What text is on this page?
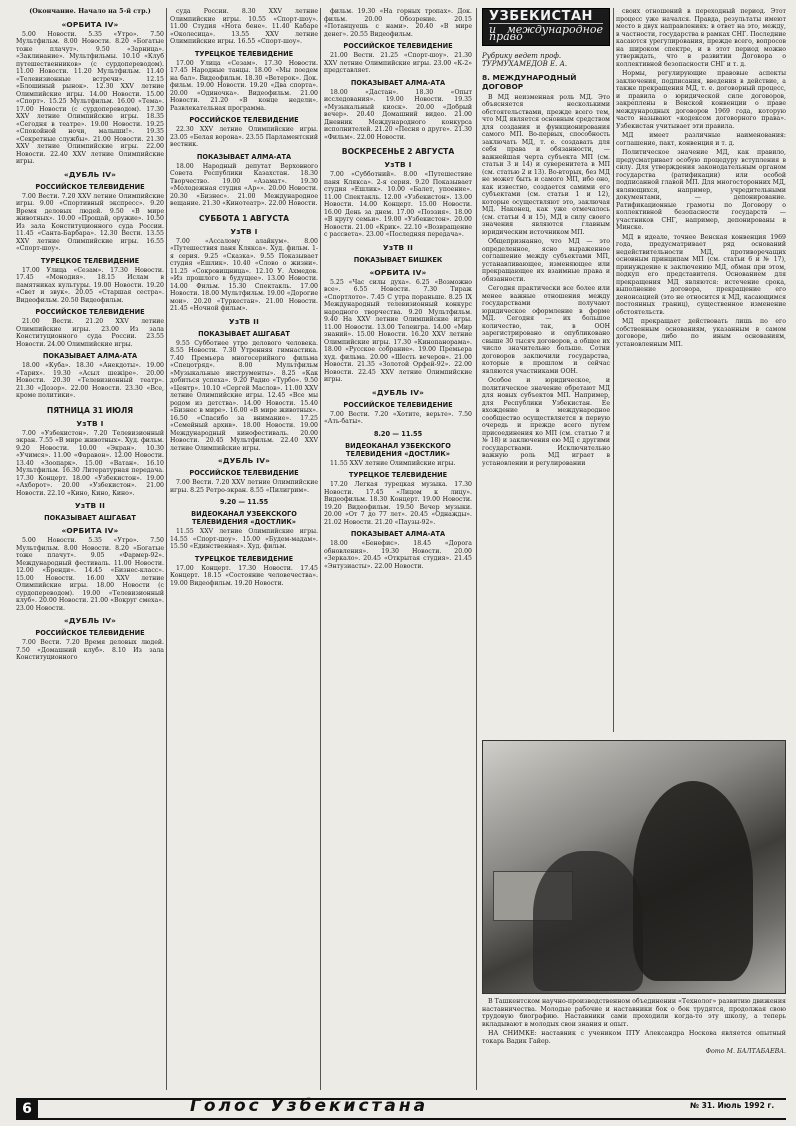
(Окончание. Начало на 5-й стр.)
«ОРБИТА IV»
5.00 Новости. 5.35 «Утро». 7.50 Мультфильм. 8.00 Новости. 8.20 «Богатые тоже плачут». 9.50 «Зарница». «Заклинание». Мультфильмы. 10.10 «Клуб путешественников» (с сурдопереводом). 11.00 Новости. 11.20 Мультфильм. 11.40 «Телевизионные встречи». 12.15 «Блошиный рынок». 12.30 XXV летние Олимпийские игры. 14.00 Новости. 15.00 «Спорт». 15.25 Мультфильм. 16.00 «Тема». 17.00 Новости (с сурдопереводом). 17.30 XXV летние Олимпийские игры. 18.35 «Сегодня в театре». 19.00 Новости. 19.25 «Спокойной ночи, малыши!». 19.35 «Секретные службы». 21.00 Новости. 21.30 XXV летние Олимпийские игры. 22.00 Новости. 22.40 XXV летние Олимпийские игры.
«ДУБЛЬ IV»
РОССИЙСКОЕ ТЕЛЕВИДЕНИЕ
7.00 Вести. 7.20 XXV летние Олимпийские игры. 9.00 «Спортивный экспресс». 9.20 Время деловых людей. 9.50 «В мире животных». 10.00 «Прощай, оружие». 10.50 Из зала Конституционного суда России. 11.45 «Санта-Барбара». 12.30 Вести. 13.55 XXV летние Олимпийские игры. 16.55 «Спорт-шоу».
ТУРЕЦКОЕ ТЕЛЕВИДЕНИЕ
17.00 Улица «Сезам». 17.30 Новости. 17.45 «Монодия». 18.15 Ислам в памятниках культуры. 19.00 Новости. 19.20 «Свет и звук». 20.05 «Старшая сестра». Видеофильм. 20.50 Видеофильм.
РОССИЙСКОЕ ТЕЛЕВИДЕНИЕ
21.00 Вести. 21.20 XXV летние Олимпийские игры. 23.00 Из зала Конституционного суда России. 23.55 Новости. 24.00 Олимпийские игры.
ПОКАЗЫВАЕТ АЛМА-АТА
18.00 «Куба». 18.30 «Анекдоты». 19.00 «Тарих». 19.30 «Асыл шежіре». 20.00 Новости. 20.30 «Телевизионный театр». 21.30 «Дозор». 22.00 Новости. 23.30 «Все, кроме политики».
ПЯТНИЦА 31 ИЮЛЯ
УзТВ I
7.00 «Узбекистон». 7.20 Телевизионный экран. 7.55 «В мире животных». Худ. фильм. 9.20 Новости. 10.00 «Экран». 10.30 «Учимся». 11.00 «Фаравон». 12.00 Новости. 13.40 «Зоопарк». 15.00 «Ватан». 16.10 Мультфильм. 16.30 Литературная передача. 17.30 Концерт. 18.00 «Узбекистон». 19.00 «Ахборот». 20.00 «Узбекистон». 21.00 Новости. 22.10 «Кино, Кино, Кино».
УзТВ II
ПОКАЗЫВАЕТ АШГАБАТ
«ОРБИТА IV»
5.00 Новости. 5.35 «Утро». 7.50 Мультфильм. 8.00 Новости. 8.20 «Богатые тоже плачут». 9.05 «Фармер-92». Международный фестиваль. 11.00 Новости. 12.00 «Бренди». 14.45 «Бизнес-класс». 15.00 Новости. 16.00 XXV летние Олимпийские игры. 18.00 Новости (с сурдопереводом). 19.00 «Телевизионный клуб». 20.00 Новости. 21.00 «Вокруг смеха». 23.00 Новости.
«ДУБЛЬ IV»
РОССИЙСКОЕ ТЕЛЕВИДЕНИЕ
7.00 Вести. 7.20 Время деловых людей. 7.50 «Домашний клуб». 8.10 Из зала Конституционного
суда России. 8.30 XXV летние Олимпийские игры. 10.55 «Спорт-шоу». 11.00 Студия «Нота бене». 11.40 Кабаре «Околесица». 13.55 XXV летние Олимпийские игры. 16.55 «Спорт-шоу».
ТУРЕЦКОЕ ТЕЛЕВИДЕНИЕ
17.00 Улица «Сезам». 17.30 Новости. 17.45 Народные танцы. 18.00 «Мы поедем на бал». Видеофильм. 18.30 «Ветерок». Док. фильм. 19.00 Новости. 19.20 «Два спорта». 20.00 «Одиночка». Видеофильм. 21.00 Новости. 21.20 «В конце недели». Развлекательная программа.
РОССИЙСКОЕ ТЕЛЕВИДЕНИЕ
22.30 XXV летние Олимпийские игры. 23.05 «Белая ворона». 23.55 Парламентский вестник.
ПОКАЗЫВАЕТ АЛМА-АТА
18.00 Народный депутат Верховного Совета Республики Казахстан. 18.30 Творчество. 19.00 «Азамат». 19.30 «Молодежная студия «Ар»». 20.00 Новости. 20.30 «Бизнес». 21.00 Международное вещание. 21.30 «Кинотеатр». 22.00 Новости.
СУББОТА 1 АВГУСТА
УзТВ I
7.00 «Ассалому алайкум». 8.00 «Путешествия паня Клякса». Худ. фильм. 1-я серия. 9.25 «Сказка». 9.55 Показывает студия «Ешлик». 10.40 «Слово о жизни». 11.25 «Сокровищница». 12.10 У. Ахмедов. «Из прошлого в будущее». 13.00 Новости. 14.00 Фильм. 15.30 Спектакль. 17.00 Новости. 18.00 Мультфильм. 19.00 «Дорогие мои». 20.20 «Туркестан». 21.00 Новости. 21.45 «Ночной фильм».
УзТВ II
ПОКАЗЫВАЕТ АШГАБАТ
9.55 Субботнее утро делового человека. 8.55 Новости. 7.30 Утренняя гимнастика. 7.40 Премьера многосерийного фильма «Спецотряд». 8.00 Мультфильм «Музыкальные инструменты». 8.25 «Как добиться успеха». 9.20 Радио «Турбо». 9.50 «Центр». 10.10 «Сергей Маслов». 11.00 XXV летние Олимпийские игры. 12.45 «Все мы родом из детства». 14.00 Новости. 15.40 «Бизнес в мире». 16.00 «В мире животных». 16.50 «Спасибо за внимание». 17.25 «Семейный архив». 18.00 Новости. 19.00 Международный кинофестиваль. 20.00 Новости. 20.45 Мультфильм. 22.40 XXV летние Олимпийские игры.
«ДУБЛЬ IV»
РОССИЙСКОЕ ТЕЛЕВИДЕНИЕ
7.00 Вести. 7.20 XXV летние Олимпийские игры. 8.25 Ретро-экран. 8.55 «Пилигрим».
9.20 — 11.55
ВИДЕОКАНАЛ УЗБЕКСКОГО ТЕЛЕВИДЕНИЯ «ДОСТЛИК»
11.55 XXV летние Олимпийские игры. 14.55 «Спорт-шоу». 15.00 «Будем-мадам». 15.50 «Единственная». Худ. фильм.
ТУРЕЦКОЕ ТЕЛЕВИДЕНИЕ
17.00 Концерт. 17.30 Новости. 17.45 Концерт. 18.15 «Состояние человечества». 19.00 Видеофильм. 19.20 Новости.
фильм. 19.30 «На горных тропах». Док. фильм. 20.00 Обозрение. 20.15 «Потанцуешь с нами». 20.40 «В мире денег». 20.55 Видеофильм.
РОССИЙСКОЕ ТЕЛЕВИДЕНИЕ
21.00 Вести. 21.25 «Спорт-шоу». 21.30 XXV летние Олимпийские игры. 23.00 «К-2» представляет.
ПОКАЗЫВАЕТ АЛМА-АТА
18.00 «Дастан». 18.30 «Опыт исследования». 19.00 Новости. 19.35 «Музыкальный киоск». 20.00 «Добрый вечер». 20.40 Домашний видео. 21.00 Дневник Международного конкурса исполнителей. 21.20 «Песня о друге». 21.30 «Фильм». 22.00 Новости.
ВОСКРЕСЕНЬЕ 2 АВГУСТА
УзТВ I
7.00 «Субботний». 8.00 «Путешествие паня Клякса». 2-я серия. 9.20 Показывает студия «Ешлик». 10.00 «Балет, упоение». 11.00 Спектакль. 12.00 «Узбекистон». 13.00 Новости. 14.00 Концерт. 15.00 Новости. 16.00 День за днем. 17.00 «Поэзия». 18.00 «В кругу семьи». 19.00 «Узбекистон». 20.00 Новости. 21.00 «Крик». 22.10 «Возвращение с рассвета». 23.00 «Последняя передача».
УзТВ II
ПОКАЗЫВАЕТ БИШКЕК
«ОРБИТА IV»
5.25 «Час силы духа». 6.25 «Возможно все». 6.55 Новости. 7.30 Тираж «Спортлото». 7.45 С утра пораньше. 8.25 IX Международный телевизионный конкурс народного творчества. 9.20 Мультфильм. 9.40 На XXV летние Олимпийские игры. 11.00 Новости. 13.00 Телеигра. 14.00 «Мир знаний». 15.00 Новости. 16.20 XXV летние Олимпийские игры. 17.30 «Кинопанорама». 18.00 «Русское собрание». 19.00 Премьера худ. фильма. 20.00 «Шесть вечеров». 21.00 Новости. 21.35 «Золотой Орфей-92». 22.00 Новости. 22.45 XXV летние Олимпийские игры.
«ДУБЛЬ IV»
РОССИЙСКОЕ ТЕЛЕВИДЕНИЕ
7.00 Вести. 7.20 «Хотите, верьте». 7.50 «Ать-баты».
8.20 — 11.55
ВИДЕОКАНАЛ УЗБЕКСКОГО ТЕЛЕВИДЕНИЯ «ДОСТЛИК»
11.55 XXV летние Олимпийские игры.
ТУРЕЦКОЕ ТЕЛЕВИДЕНИЕ
17.20 Легкая турецкая музыка. 17.30 Новости. 17.45 «Лицом к лицу». Видеофильм. 18.30 Концерт. 19.00 Новости. 19.20 Видеофильм. 19.50 Вечер музыки. 20.00 «От 7 до 77 лет». 20.45 «Однажды». 21.02 Новости. 21.20 «Паузы-92».
ПОКАЗЫВАЕТ АЛМА-АТА
18.00 «Бенефис». 18.45 «Дорога обновления». 19.30 Новости. 20.00 «Зеркало». 20.45 «Открытая студия». 21.45 «Энтузиасты». 22.00 Новости.
УЗБЕКИСТАН
и международное право
Рубрику ведет проф. ТУРМУХАМЕДОВ Е. А.
8. МЕЖДУНАРОДНЫЙ ДОГОВОР
В МД неизменная роль МД. Это объясняется несколькими обстоятельствами, прежде всего тем, что МД является основным средством для создания и функционирования самого МП. Во-первых, способность заключать МД, т. е. создавать для себя права и обязанности, — важнейшая черта субъекта МП (см. статьи 3 и 14) и суверенитета в МП (см. статью 2 и 13). Во-вторых, без МД не может быть и самого МП, ибо оно, как известно, создается самими его субъектами (см. статьи 1 и 12), которые осуществляют это, заключая МД. Наконец, как уже отмечалось (см. статьи 4 и 15), МД в силу своего значения являются главным юридическим источником МП.
Общепризнанно, что МД — это определенное, ясно выраженное соглашение между субъектами МП, устанавливающее, изменяющее или прекращающее их взаимные права и обязанности.
Сегодня практически все более или менее важные отношения между государствами получают юридическое оформление в форме МД. Сегодня — их большое количество, так, в ООН зарегистрировано и опубликовано свыше 30 тысяч договоров, а общее их число значительно больше. Сотни договоров заключили государства, которые в прошлом и сейчас являются участниками ООН.
Особое и юридическое, и политическое значение обретают МД для новых субъектов МП. Например, для Республики Узбекистан. Ее вхождение в международное сообщество осуществляется в первую очередь и прежде всего путем присоединения ко МП (см. статью 7 и № 18) и заключения ею МД с другими государствами. Исключительно важную роль МД играет в установлении и регулировании
своих отношений в переходный период. Этот процесс уже начался. Правда, результаты имеют место в двух направлениях: в ответ на это, между, в частности, государства в рамках СНГ. Последние касаются урегулирования, прежде всего, вопросов на широком спектре, и в этот период можно утверждать, что в развитии Договора о коллективной безопасности СНГ и т. д.
Нормы, регулирующие правовые аспекты заключения, подписания, введения в действие, а также прекращения МД, т. е. договорный процесс, и правила о юридической силе договоров, закреплены в Венской конвенции о праве международных договоров 1969 года, которую часто называют «кодексом договорного права». Узбекистан учитывает эти правила.
МД имеет различные наименования: соглашение, пакт, конвенция и т. д.
Политическое значение МД, как правило, предусматривает особую процедуру вступления в силу. Для утверждения законодательным органом государства (ратификации) или особой подписанной главой МП. Для многосторонних МД, являющихся, например, учредительными документами, — депонирование. Ратификационные грамоты по Договору о коллективной безопасности государств — участников СНГ, например, депонированы в Минске.
МД в идеале, точнее Венская конвенция 1969 года, предусматривает ряд оснований недействительности МД, противоречащих основным принципам МП (см. статьи 6 и № 17), принуждение к заключению МД, обман при этом, подкуп его представителя. Основанием для прекращения МД являются: истечение срока, выполнение договора, прекращение его денонсацией (это не относится к МД, касающимся постоянных границ), существенное изменение обстоятельств.
МД прекращает действовать лишь по его собственным основаниям, указанным в самом договоре, либо по иным основаниям, установленным МП.
В Ташкентском научно-производственном объединении «Технолог» развитию движения наставничества. Молодые рабочие и наставники бок о бок трудятся, продолжая свою трудовую биографию. Наставники сами проходили когда-то эту школу, а теперь вкладывают в молодых свои знания и опыт.
НА СНИМКЕ: наставник с учеником ПТУ Александра Носкова является опытный токарь Вадик Гайер.
Фото М. БАЛТАБАЕВА.
6	Голос Узбекистана	№ 31. Июль 1992 г.
